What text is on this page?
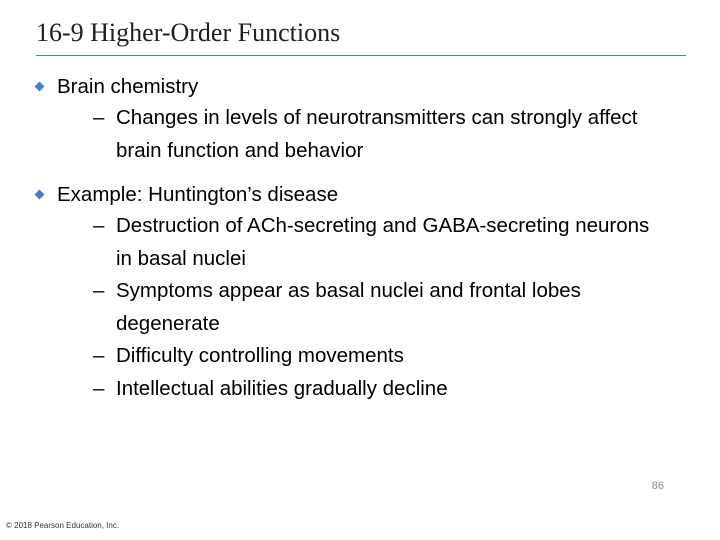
16-9 Higher-Order Functions
Brain chemistry
– Changes in levels of neurotransmitters can strongly affect brain function and behavior
Example: Huntington’s disease
– Destruction of ACh-secreting and GABA-secreting neurons in basal nuclei
– Symptoms appear as basal nuclei and frontal lobes degenerate
– Difficulty controlling movements
– Intellectual abilities gradually decline
86
© 2018 Pearson Education, Inc.
